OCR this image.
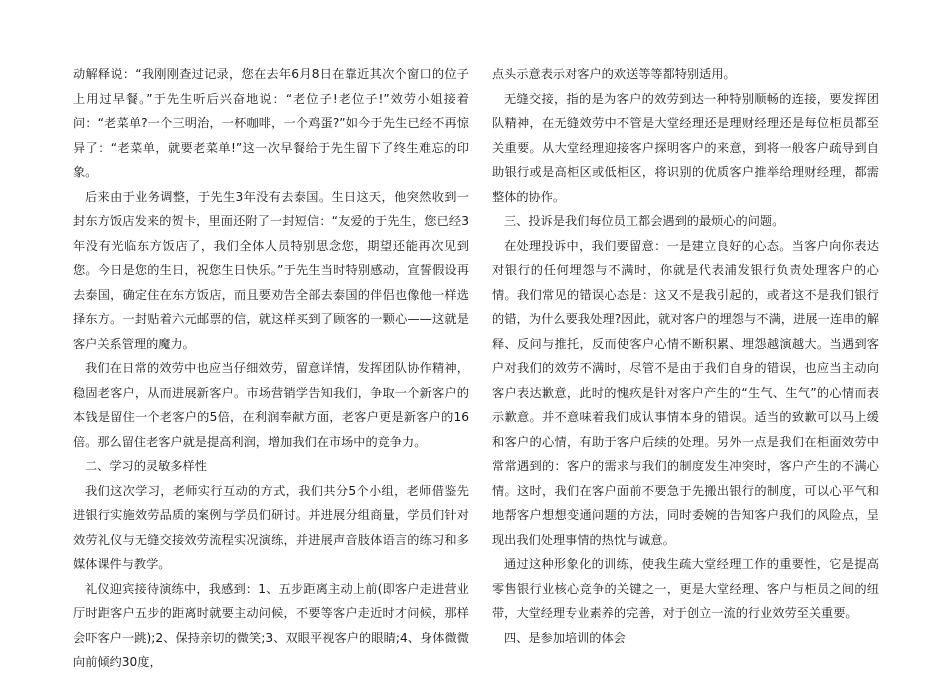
动解释说：“我刚刚查过记录，您在去年6月8日在靠近其次个窗口的位子上用过早餐。”于先生听后兴奋地说：“老位子!老位子!”效劳小姐接着问：“老菜单?一个三明治，一杯咖啡，一个鸡蛋?”如今于先生已经不再惊异了：“老菜单，就要老菜单!”这一次早餐给于先生留下了终生难忘的印象。

后来由于业务调整，于先生3年没有去泰国。生日这天，他突然收到一封东方饭店发来的贺卡，里面还附了一封短信：“友爱的于先生，您已经3年没有光临东方饭店了，我们全体人员特别思念您，期望还能再次见到您。今日是您的生日，祝您生日快乐。”于先生当时特别感动，宣誓假设再去泰国，确定住在东方饭店，而且要劝告全部去泰国的伴侣也像他一样选择东方。一封贴着六元邮票的信，就这样买到了顾客的一颗心——这就是客户关系管理的魔力。

我们在日常的效劳中也应当仔细效劳，留意详情，发挥团队协作精神，稳固老客户，从而进展新客户。市场营销学告知我们，争取一个新客户的本钱是留住一个老客户的5倍，在利润奉献方面，老客户更是新客户的16倍。那么留住老客户就是提高利润，增加我们在市场中的竞争力。

二、学习的灵敏多样性

我们这次学习，老师实行互动的方式，我们共分5个小组，老师借鉴先进银行实施效劳品质的案例与学员们研讨。并进展分组商量，学员们针对效劳礼仪与无缝交接效劳流程实况演练，并进展声音肢体语言的练习和多媒体课件与教学。

礼仪迎宾接待演练中，我感到：1、五步距离主动上前(即客户走进营业厅时距客户五步的距离时就要主动问候，不要等客户走近时才问候，那样会吓客户一跳);2、保持亲切的微笑;3、双眼平视客户的眼睛;4、身体微微向前倾约30度，

点头示意表示对客户的欢送等等都特别适用。

无缝交接，指的是为客户的效劳到达一种特别顺畅的连接，要发挥团队精神，在无缝效劳中不管是大堂经理还是理财经理还是每位柜员都至关重要。从大堂经理迎接客户探明客户的来意，到将一般客户疏导到自助银行或是高柜区或低柜区，将识别的优质客户推举给理财经理，都需整体的协作。

三、投诉是我们每位员工都会遇到的最烦心的问题。

在处理投诉中，我们要留意：一是建立良好的心态。当客户向你表达对银行的任何埋怨与不满时，你就是代表浦发银行负责处理客户的心情。我们常见的错误心态是：这又不是我引起的，或者这不是我们银行的错，为什么要我处理?因此，就对客户的埋怨与不满，进展一连串的解释、反问与推托，反而使客户心情不断积累、埋怨越演越大。当遇到客户对我们的效劳不满时，尽管不是由于我们自身的错误，也应当主动向客户表达歉意，此时的愧疚是针对客户产生的“生气、生气”的心情而表示歉意。并不意味着我们成认事情本身的错误。适当的致歉可以马上缓和客户的心情，有助于客户后续的处理。另外一点是我们在柜面效劳中常常遇到的：客户的需求与我们的制度发生冲突时，客户产生的不满心情。这时，我们在客户面前不要急于先搬出银行的制度，可以心平气和地帮客户想想变通问题的方法，同时委婉的告知客户我们的风险点，呈现出我们处理事情的热忱与诚意。

通过这种形象化的训练，使我生疏大堂经理工作的重要性，它是提高零售银行业核心竞争的关键之一，更是大堂经理、客户与柜员之间的纽带，大堂经理专业素养的完善，对于创立一流的行业效劳至关重要。

四、是参加培训的体会
